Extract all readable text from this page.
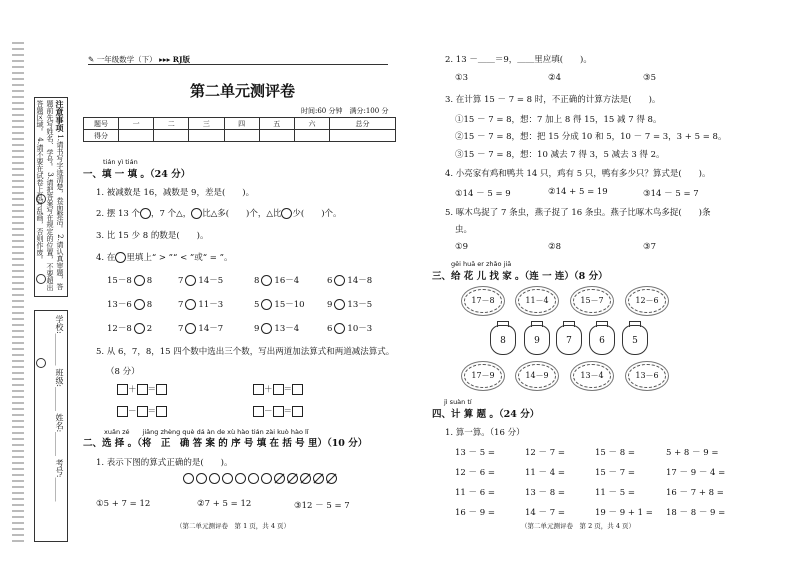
注意事项 1.请书写字迹清楚，卷面整洁。 2.请认真审题，答题前先写姓名、学号。 3.请把答案写在规定的位置，不要超出答题区域。 4.请不要在试卷上乱写乱画，否则作废。
学校:＿＿＿＿ 班级:＿＿＿ 姓名:＿＿＿ 考号:＿＿＿
✎ 一年级数学（下） ▸▸▸ RJ版
第二单元测评卷
时间:60 分钟　 满分:100 分
题号	一	二	三	四	五	六	总分
得分							
tián yì tián
一、填 一 填 。（24 分）
1. 被减数是 16，减数是 9，差是(　　)。
2. 摆 13 个 ，7 个△， 比△多(　　)个，△比 少(　　)个。
3. 比 15 少 8 的数是(　　)。
4. 在 里填上“ > ”“ < ”或“ = ”。
15－8 8	7 14－5	8 16－4	6 14－8
13－6 8	7 11－3	5 15－10	9 13－5
12－8 2	7 14－7	9 13－4	6 10－3
5. 从 6，7，8，15 四个数中选出三个数，写出两道加法算式和两道减法算式。
（8 分）
＋ ＝	＋ ＝
－ ＝	－ ＝
xuǎn zé　　jiāng zhèng què dá àn de xù hào tián zài kuò hào lǐ
二、选 择 。（将　正　确 答 案 的 序 号 填 在 括 号 里）（10 分）
1. 表示下图的算式正确的是(　　)。
①5 + 7 = 12	②7 + 5 = 12	③12 － 5 = 7
（第二单元测评卷　第 1 页，共 4 页）
2. 13 －＿＿＝9，＿＿里应填(　　)。
①3	②4	③5
3. 在计算 15 － 7 = 8 时，不正确的计算方法是(　　)。
①15 － 7 = 8，想：7 加上 8 得 15，15 减 7 得 8。
②15 － 7 = 8，想：把 15 分成 10 和 5，10 － 7 = 3，3 + 5 = 8。
③15 － 7 = 8，想：10 减去 7 得 3，5 减去 3 得 2。
4. 小亮家有鸡和鸭共 14 只，鸡有 5 只，鸭有多少只？算式是(　　)。
①14 － 5 = 9	②14 + 5 = 19	③14 － 5 = 7
5. 啄木鸟捉了 7 条虫，燕子捉了 16 条虫。燕子比啄木鸟多捉(　　)条
虫。
①9	②8	③7
gěi huā er zhǎo jiā
三、给 花 儿 找 家 。（连 一 连）（8 分）
17－8	11－4	15－7	12－6
8	9	7	6	5
17－9	14－9	13－4	13－6
jì suàn tí
四、计 算 题 。（24 分）
1. 算一算。（16 分）
13 － 5 =	12 － 7 =	15 － 8 =	5 + 8 － 9 =
12 － 6 =	11 － 4 =	15 － 7 =	17 － 9 － 4 =
11 － 6 =	13 － 8 =	11 － 5 =	16 － 7 + 8 =
16 － 9 =	14 － 7 =	19 － 9 + 1 = 18 － 8 － 9 =
（第二单元测评卷　第 2 页，共 4 页）
